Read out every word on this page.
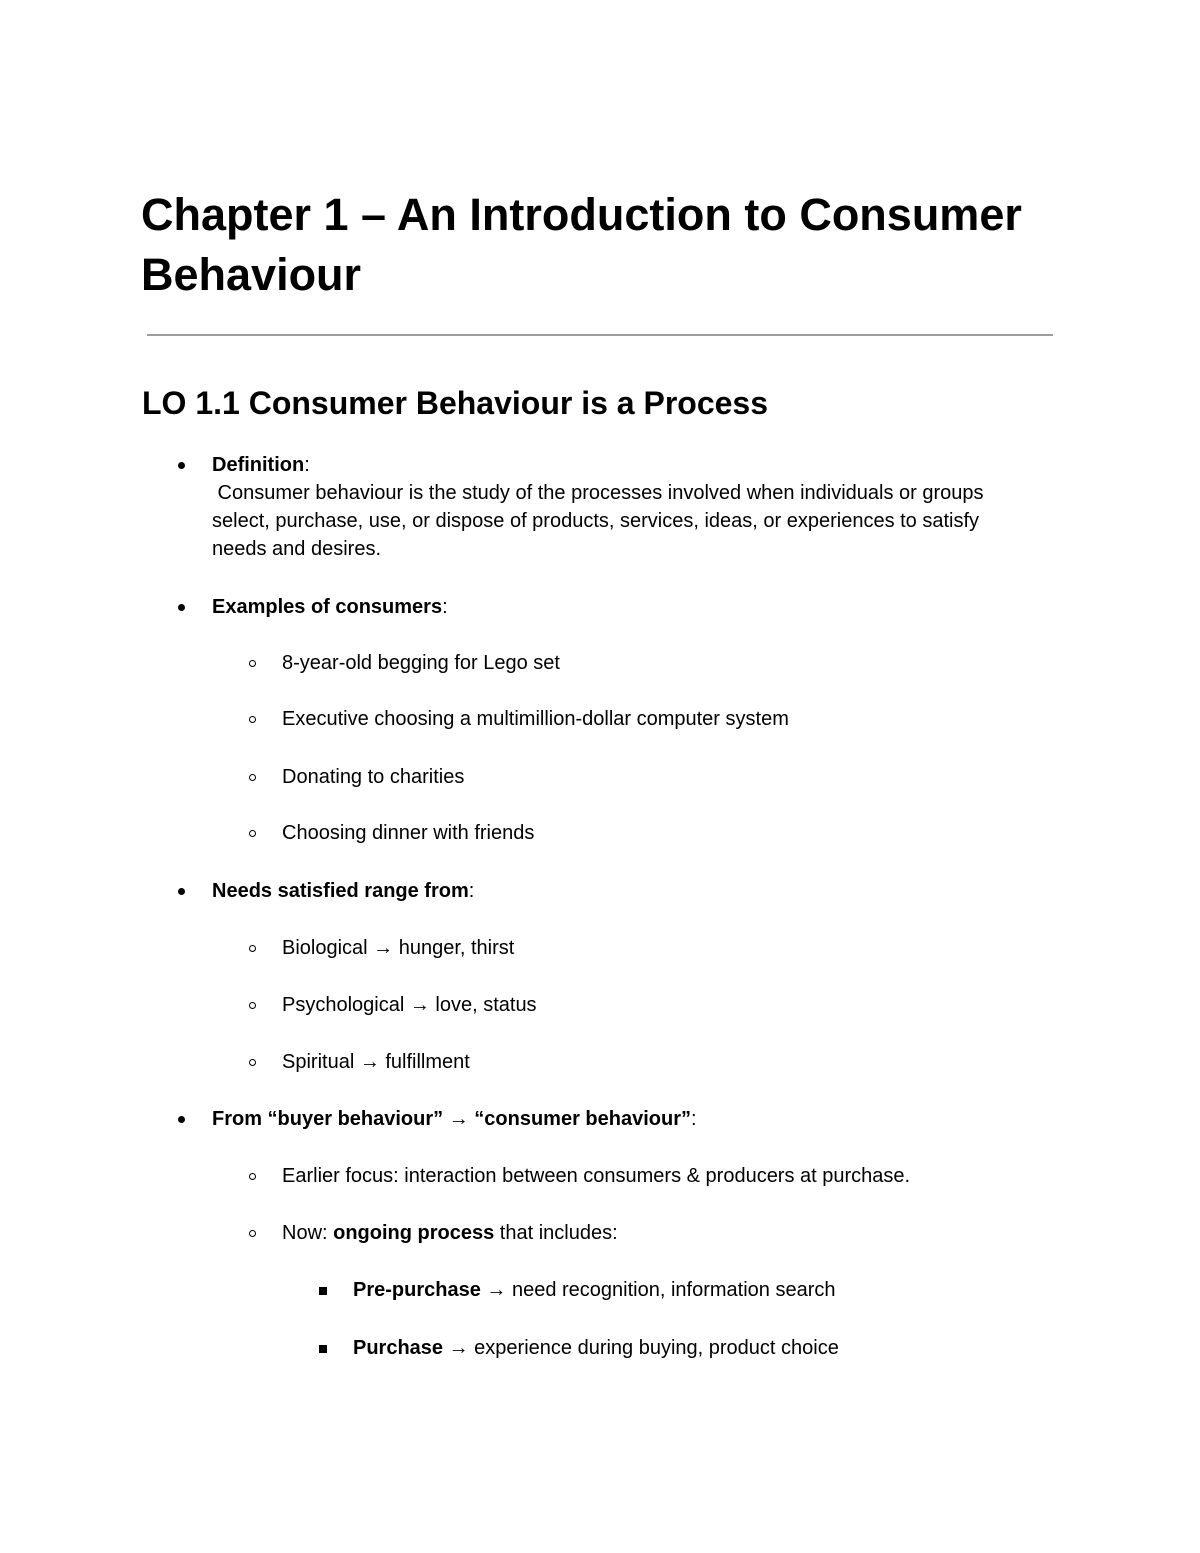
Chapter 1 – An Introduction to Consumer Behaviour
LO 1.1 Consumer Behaviour is a Process
Definition:
Consumer behaviour is the study of the processes involved when individuals or groups
select, purchase, use, or dispose of products, services, ideas, or experiences to satisfy
needs and desires.
Examples of consumers:
8-year-old begging for Lego set
Executive choosing a multimillion-dollar computer system
Donating to charities
Choosing dinner with friends
Needs satisfied range from:
Biological → hunger, thirst
Psychological → love, status
Spiritual → fulfillment
From “buyer behaviour” → “consumer behaviour”:
Earlier focus: interaction between consumers & producers at purchase.
Now: ongoing process that includes:
Pre-purchase → need recognition, information search
Purchase → experience during buying, product choice
